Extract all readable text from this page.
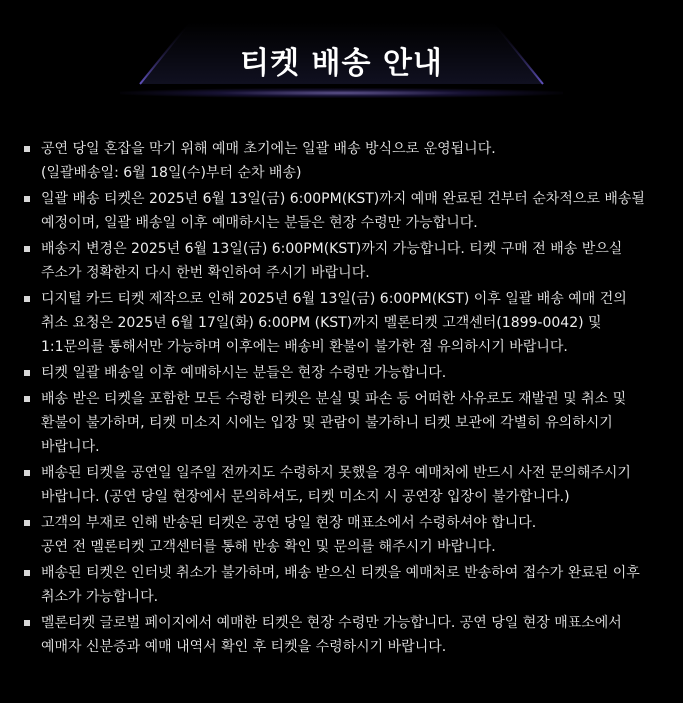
티켓 배송 안내
공연 당일 혼잡을 막기 위해 예매 초기에는 일괄 배송 방식으로 운영됩니다.
(일괄배송일: 6월 18일(수)부터 순차 배송)
일괄 배송 티켓은 2025년 6월 13일(금) 6:00PM(KST)까지 예매 완료된 건부터 순차적으로 배송될
예정이며, 일괄 배송일 이후 예매하시는 분들은 현장 수령만 가능합니다.
배송지 변경은 2025년 6월 13일(금) 6:00PM(KST)까지 가능합니다. 티켓 구매 전 배송 받으실
주소가 정확한지 다시 한번 확인하여 주시기 바랍니다.
디지털 카드 티켓 제작으로 인해 2025년 6월 13일(금) 6:00PM(KST) 이후 일괄 배송 예매 건의
취소 요청은 2025년 6월 17일(화) 6:00PM (KST)까지 멜론티켓 고객센터(1899-0042) 및
1:1문의를 통해서만 가능하며 이후에는 배송비 환불이 불가한 점 유의하시기 바랍니다.
티켓 일괄 배송일 이후 예매하시는 분들은 현장 수령만 가능합니다.
배송 받은 티켓을 포함한 모든 수령한 티켓은 분실 및 파손 등 어떠한 사유로도 재발권 및 취소 및
환불이 불가하며, 티켓 미소지 시에는 입장 및 관람이 불가하니 티켓 보관에 각별히 유의하시기
바랍니다.
배송된 티켓을 공연일 일주일 전까지도 수령하지 못했을 경우 예매처에 반드시 사전 문의해주시기
바랍니다. (공연 당일 현장에서 문의하셔도, 티켓 미소지 시 공연장 입장이 불가합니다.)
고객의 부재로 인해 반송된 티켓은 공연 당일 현장 매표소에서 수령하셔야 합니다.
공연 전 멜론티켓 고객센터를 통해 반송 확인 및 문의를 해주시기 바랍니다.
배송된 티켓은 인터넷 취소가 불가하며, 배송 받으신 티켓을 예매처로 반송하여 접수가 완료된 이후
취소가 가능합니다.
멜론티켓 글로벌 페이지에서 예매한 티켓은 현장 수령만 가능합니다. 공연 당일 현장 매표소에서
예매자 신분증과 예매 내역서 확인 후 티켓을 수령하시기 바랍니다.
